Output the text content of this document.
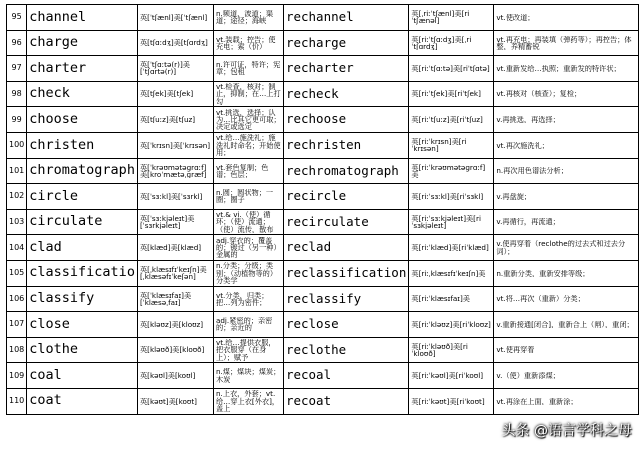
95	channel	英[ˈtʃænl]美[ˈtʃænl]	n.频道，波道；渠道；途径；海峡	rechannel	英[ˌriːˈtʃænl]美[riˈtʃænəl]	vt.使改道；

96	charge	英[tʃɑːdʒ]美[tʃɑrdʒ]	vt.装载；控告；使充电；索（价）	recharge	英[riːˈtʃɑːdʒ]美[ˌriˈtʃɑrdʒ]	vt.再充电；再装填（弹药等）；再控告；体整，养精蓄锐

97	charter	英[ˈtʃɑːtə(r)]美[ˈtʃɑrtə(r)]	n.许可证，特许；宪章；包租	recharter	英[riːˈtʃɑːtə]美[riˈtʃɑtə]	vt.重新发给…执照；重新发的特许状；

98	check	英[tʃek]美[tʃek]	vt.检查，核对；制止，抑制；在…上打勾	recheck	英[riːˈtʃek]美[riˈtʃek]	vt.再核对（核查）；复检；

99	choose	英[tʃuːz]美[tʃuz]	vt.挑选，选择；认为…比其它更可取；决定或选定	rechoose	英[riːˈtʃuːz]美[riˈtʃuz]	v.再挑选，再选择；

100	christen	英[ˈkrɪsn]美[ˈkrɪsən]	vt.给…施洗礼；施洗礼时命名；开始使用；	rechristen	英[riːˈkrɪsn]美[riˈkrɪsən]	vt.再次施洗礼；

101	chromatograph	英[ˈkrəʊmətəɡrɑːf]美[kroˈmætəˌɡræf]	vt.套色复制；色谱；色层；	rechromatograph	英[riːˈkrəʊmətəɡrɑːf]美	n.再次用色谱法分析；

102	circle	英[ˈsɜːkl]美[ˈsɜrkl]	n.圆；圆状物；一圈；圈子	recircle	英[riːˈsɜːkl]美[riˈsɜkl]	v.再盘旋；

103	circulate	英[ˈsɜːkjəleɪt]美[ˈsɜrkjəleɪt]	vt.& vi.（使）循环；（使）流通；（使）流传，散布	recirculate	英[riːˈsɜːkjəleɪt]美[riˈsɜkjəleɪt]	v.再循行，再流通；

104	clad	英[klæd]美[klæd]	adj.穿衣的；覆盖的；镀过（另一种）金属的	reclad	英[riːˈklæd]美[riˈklæd]	v.使再穿着（reclothe的过去式和过去分词）；

105	classificatio	英[ˌklæsɪfɪˈkeɪʃn]美[ˌklæsəfɪˈkeʃən]	n.分类；分级；类别；（动植物等的）分类学	reclassification	英[riːˌklæsɪfɪˈkeɪʃn]美	n.重新分类，重新安排等级；

106	classify	英[ˈklæsɪfaɪ]美[ˈklæsəˌfaɪ]	vt.分类，归类；把…列为密件；	reclassify	英[riːˈklæsɪfaɪ]美	vt.将…再次（重新）分类；

107	close	英[kləʊz]美[kloʊz]	adj.紧密的；亲密的；亲近的	reclose	英[riːˈkləʊz]美[riˈkloʊz]	v.重新接通[闭合]，重新合上（闸），重闭；

108	clothe	英[kləʊð]美[kloʊð]	vt.给…提供衣服，把衣服穿（在身上）；赋予	reclothe	英[riːˈkləʊð]美[riˈkloʊð]	vt.使再穿着

109	coal	英[kəʊl]美[koʊl]	n.煤；煤块；煤炭；木炭	recoal	英[riːˈkəʊl]美[riˈkoʊl]	v.（使）重新添煤；

110	coat	英[kəʊt]美[koʊt]	n.上衣，外套；vt.给…穿上衣[外衣]，盖上	recoat	英[riːˈkəʊt]美[riˈkoʊt]	vt.再涂在上面，重新涂；
头条 @语言学科之母
